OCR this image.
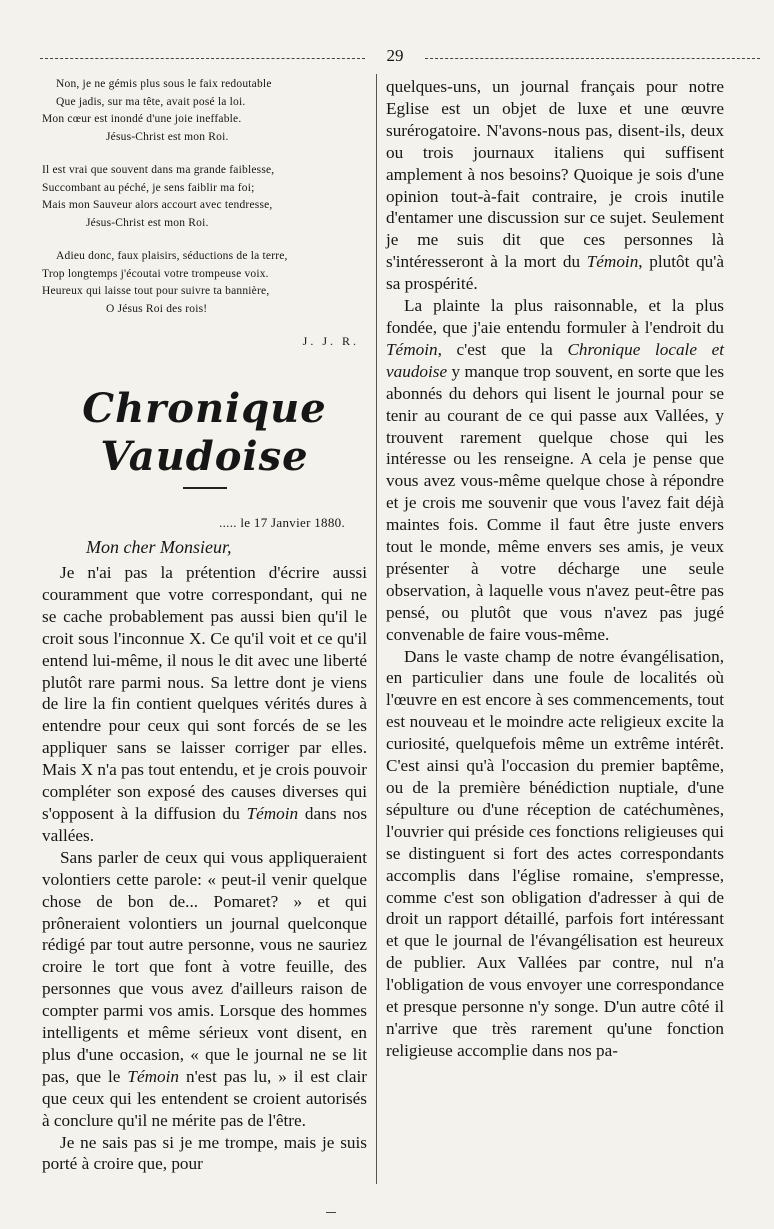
29

Non, je ne gémis plus sous le faix redoutable

Que jadis, sur ma tête, avait posé la loi.

Mon cœur est inondé d'une joie ineffable.

Jésus-Christ est mon Roi.

Il est vrai que souvent dans ma grande faiblesse,

Succombant au péché, je sens faiblir ma foi;

Mais mon Sauveur alors accourt avec tendresse,

Jésus-Christ est mon Roi.

Adieu donc, faux plaisirs, séductions de la terre,

Trop longtemps j'écoutai votre trompeuse voix.

Heureux qui laisse tout pour suivre ta bannière,

O Jésus Roi des rois!

J. J. R.
Chronique Vaudoise
..... le 17 Janvier 1880.
Mon cher Monsieur,

Je n'ai pas la prétention d'écrire aussi couramment que votre correspondant, qui ne se cache probablement pas aussi bien qu'il le croit sous l'inconnue X. Ce qu'il voit et ce qu'il entend lui-même, il nous le dit avec une liberté plutôt rare parmi nous. Sa lettre dont je viens de lire la fin contient quelques vérités dures à entendre pour ceux qui sont forcés de se les appliquer sans se laisser corriger par elles. Mais X n'a pas tout entendu, et je crois pouvoir compléter son exposé des causes diverses qui s'opposent à la diffusion du Témoin dans nos vallées.

Sans parler de ceux qui vous appliqueraient volontiers cette parole: « peut-il venir quelque chose de bon de... Pomaret? » et qui prôneraient volontiers un journal quelconque rédigé par tout autre personne, vous ne sauriez croire le tort que font à votre feuille, des personnes que vous avez d'ailleurs raison de compter parmi vos amis. Lorsque des hommes intelligents et même sérieux vont disent, en plus d'une occasion, « que le journal ne se lit pas, que le Témoin n'est pas lu, » il est clair que ceux qui les entendent se croient autorisés à conclure qu'il ne mérite pas de l'être.

Je ne sais pas si je me trompe, mais je suis porté à croire que, pour

quelques-uns, un journal français pour notre Eglise est un objet de luxe et une œuvre surérogatoire. N'avons-nous pas, disent-ils, deux ou trois journaux italiens qui suffisent amplement à nos besoins? Quoique je sois d'une opinion tout-à-fait contraire, je crois inutile d'entamer une discussion sur ce sujet. Seulement je me suis dit que ces personnes là s'intéresseront à la mort du Témoin, plutôt qu'à sa prospérité.

La plainte la plus raisonnable, et la plus fondée, que j'aie entendu formuler à l'endroit du Témoin, c'est que la Chronique locale et vaudoise y manque trop souvent, en sorte que les abonnés du dehors qui lisent le journal pour se tenir au courant de ce qui passe aux Vallées, y trouvent rarement quelque chose qui les intéresse ou les renseigne. A cela je pense que vous avez vous-même quelque chose à répondre et je crois me souvenir que vous l'avez fait déjà maintes fois. Comme il faut être juste envers tout le monde, même envers ses amis, je veux présenter à votre décharge une seule observation, à laquelle vous n'avez peut-être pas pensé, ou plutôt que vous n'avez pas jugé convenable de faire vous-même.

Dans le vaste champ de notre évangélisation, en particulier dans une foule de localités où l'œuvre en est encore à ses commencements, tout est nouveau et le moindre acte religieux excite la curiosité, quelquefois même un extrême intérêt. C'est ainsi qu'à l'occasion du premier baptême, ou de la première bénédiction nuptiale, d'une sépulture ou d'une réception de catéchumènes, l'ouvrier qui préside ces fonctions religieuses qui se distinguent si fort des actes correspondants accomplis dans l'église romaine, s'empresse, comme c'est son obligation d'adresser à qui de droit un rapport détaillé, parfois fort intéressant et que le journal de l'évangélisation est heureux de publier. Aux Vallées par contre, nul n'a l'obligation de vous envoyer une correspondance et presque personne n'y songe. D'un autre côté il n'arrive que très rarement qu'une fonction religieuse accomplie dans nos pa-
